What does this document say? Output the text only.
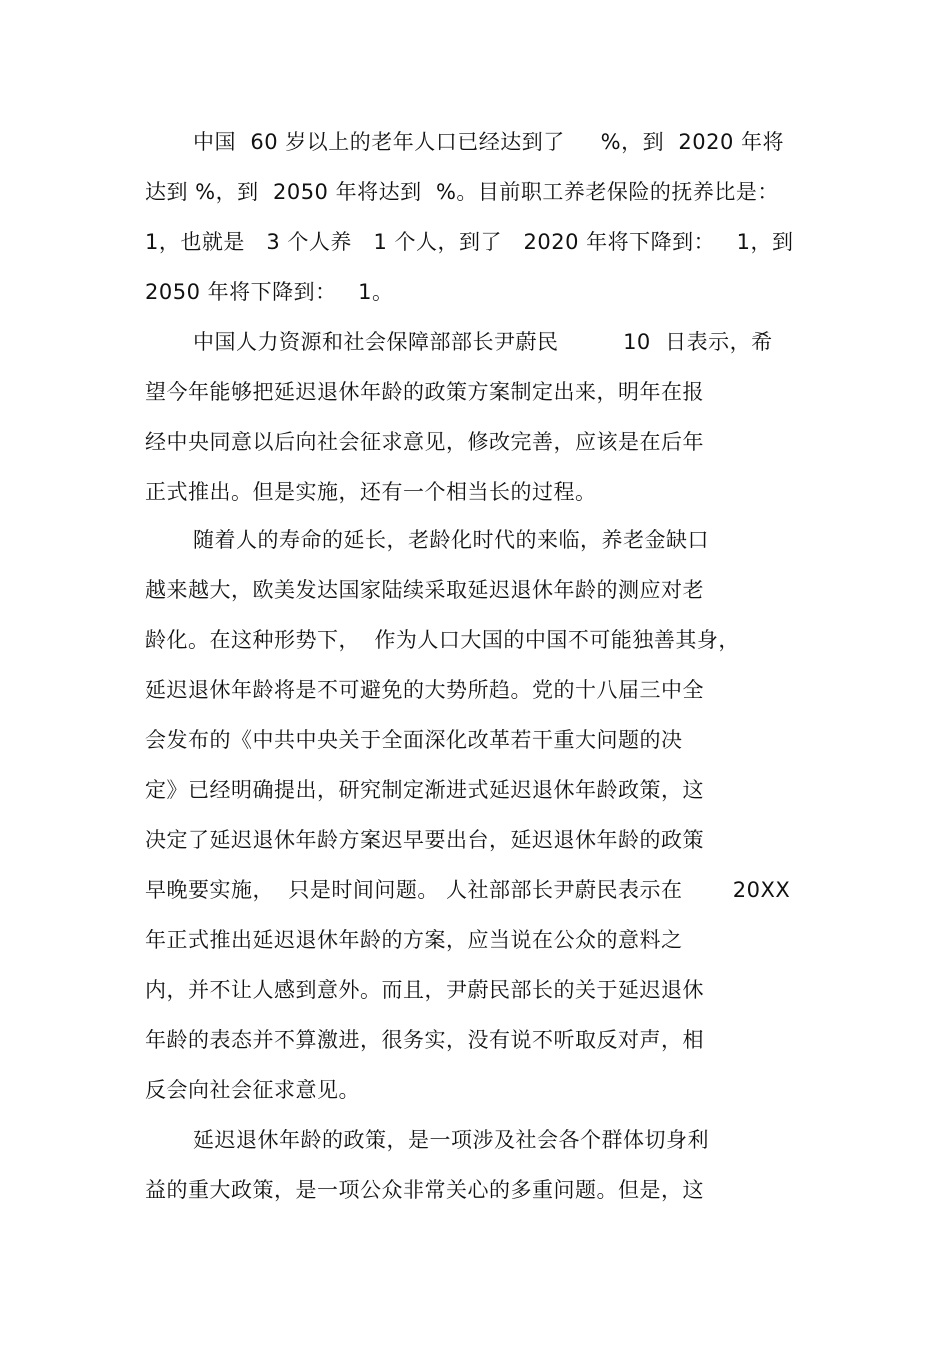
中国  60 岁以上的老年人口已经达到了     %，到  2020 年将
达到 %，到  2050 年将达到  %。目前职工养老保险的抚养比是：
1，也就是   3 个人养   1 个人，到了   2020 年将下降到：   1，到
2050 年将下降到：   1。
中国人力资源和社会保障部部长尹蔚民         10  日表示，希
望今年能够把延迟退休年龄的政策方案制定出来，明年在报
经中央同意以后向社会征求意见，修改完善，应该是在后年
正式推出。但是实施，还有一个相当长的过程。
随着人的寿命的延长，老龄化时代的来临，养老金缺口
越来越大，欧美发达国家陆续采取延迟退休年龄的测应对老
龄化。在这种形势下，  作为人口大国的中国不可能独善其身，
延迟退休年龄将是不可避免的大势所趋。党的十八届三中全
会发布的《中共中央关于全面深化改革若干重大问题的决
定》已经明确提出，研究制定渐进式延迟退休年龄政策，这
决定了延迟退休年龄方案迟早要出台，延迟退休年龄的政策
早晚要实施，  只是时间问题。 人社部部长尹蔚民表示在       20XX
年正式推出延迟退休年龄的方案，应当说在公众的意料之
内，并不让人感到意外。而且，尹蔚民部长的关于延迟退休
年龄的表态并不算激进，很务实，没有说不听取反对声，相
反会向社会征求意见。
延迟退休年龄的政策，是一项涉及社会各个群体切身利
益的重大政策，是一项公众非常关心的多重问题。但是，这
